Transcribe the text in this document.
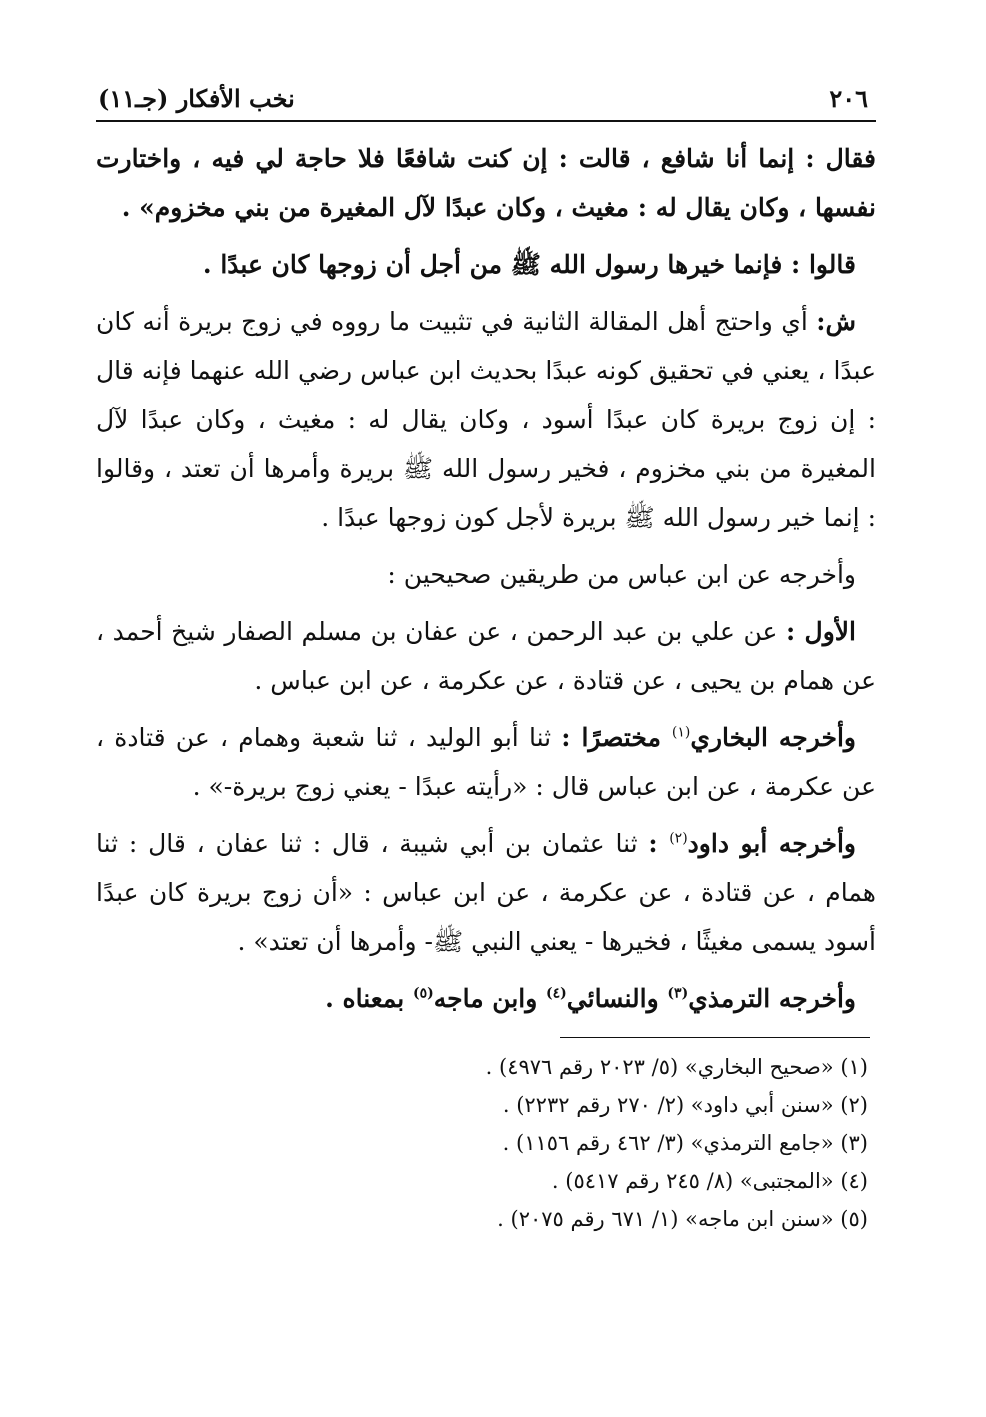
٢٠٦
نخب الأفكار (جـ١١)

فقال : إنما أنا شافع ، قالت : إن كنت شافعًا فلا حاجة لي فيه ، واختارت نفسها ، وكان يقال له : مغيث ، وكان عبدًا لآل المغيرة من بني مخزوم» .

قالوا : فإنما خيرها رسول الله ﷺ من أجل أن زوجها كان عبدًا .

ش: أي واحتج أهل المقالة الثانية في تثبيت ما رووه في زوج بريرة أنه كان عبدًا ، يعني في تحقيق كونه عبدًا بحديث ابن عباس رضي الله عنهما فإنه قال : إن زوج بريرة كان عبدًا أسود ، وكان يقال له : مغيث ، وكان عبدًا لآل المغيرة من بني مخزوم ، فخير رسول الله ﷺ بريرة وأمرها أن تعتد ، وقالوا : إنما خير رسول الله ﷺ بريرة لأجل كون زوجها عبدًا .

وأخرجه عن ابن عباس من طريقين صحيحين :

الأول : عن علي بن عبد الرحمن ، عن عفان بن مسلم الصفار شيخ أحمد ، عن همام بن يحيى ، عن قتادة ، عن عكرمة ، عن ابن عباس .

وأخرجه البخاري$^{(١)}$ مختصرًا : ثنا أبو الوليد ، ثنا شعبة وهمام ، عن قتادة ، عن عكرمة ، عن ابن عباس قال : «رأيته عبدًا - يعني زوج بريرة-» .

وأخرجه أبو داود$^{(٢)}$ : ثنا عثمان بن أبي شيبة ، قال : ثنا عفان ، قال : ثنا همام ، عن قتادة ، عن عكرمة ، عن ابن عباس : «أن زوج بريرة كان عبدًا أسود يسمى مغيثًا ، فخيرها - يعني النبي ﷺ- وأمرها أن تعتد» .

وأخرجه الترمذي$^{(٣)}$ والنسائي$^{(٤)}$ وابن ماجه$^{(٥)}$ بمعناه .

(١) «صحيح البخاري» (٥/ ٢٠٢٣ رقم ٤٩٧٦) .
(٢) «سنن أبي داود» (٢/ ٢٧٠ رقم ٢٢٣٢) .
(٣) «جامع الترمذي» (٣/ ٤٦٢ رقم ١١٥٦) .
(٤) «المجتبى» (٨/ ٢٤٥ رقم ٥٤١٧) .
(٥) «سنن ابن ماجه» (١/ ٦٧١ رقم ٢٠٧٥) .
